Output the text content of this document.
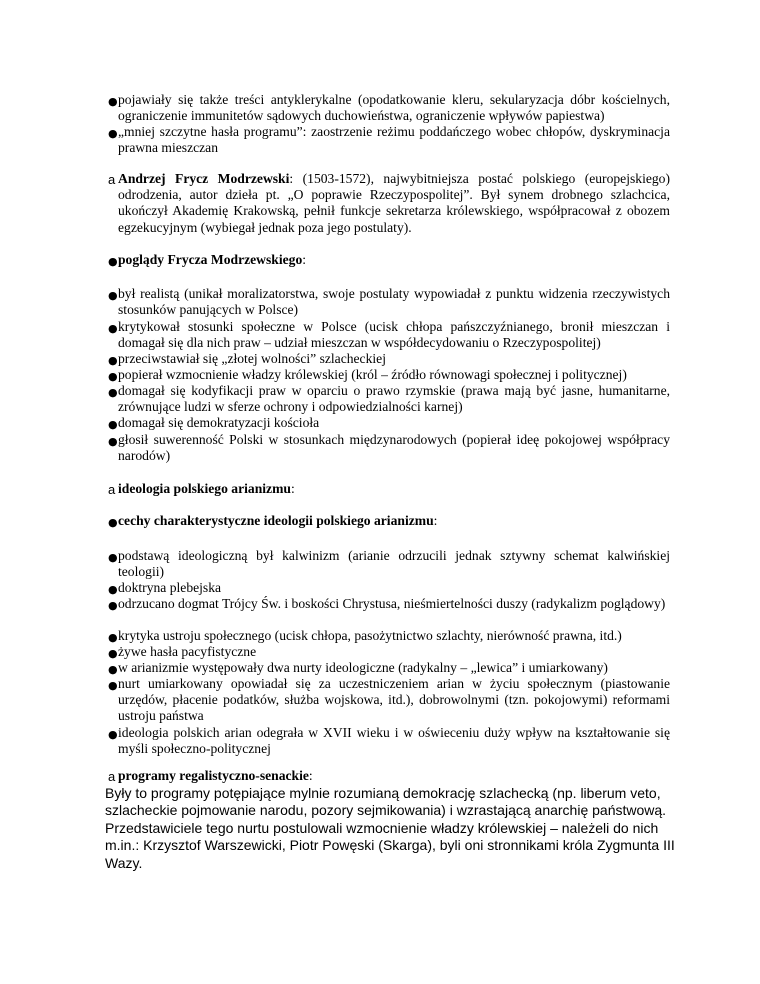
● pojawiały się także treści antyklerykalne (opodatkowanie kleru, sekularyzacja dóbr kościelnych, ograniczenie immunitetów sądowych duchowieństwa, ograniczenie wpływów papiestwa)
● „mniej szczytne hasła programu”: zaostrzenie reżimu poddańczego wobec chłopów, dyskryminacja prawna mieszczan
a Andrzej Frycz Modrzewski: (1503-1572), najwybitniejsza postać polskiego (europejskiego) odrodzenia, autor dzieła pt. „O poprawie Rzeczypospolitej”. Był synem drobnego szlachcica, ukończył Akademię Krakowską, pełnił funkcje sekretarza królewskiego, współpracował z obozem egzekucyjnym (wybiegał jednak poza jego postulaty).
● poglądy Frycza Modrzewskiego:
● był realistą (unikał moralizatorstwa, swoje postulaty wypowiadał z punktu widzenia rzeczywistych stosunków panujących w Polsce)
● krytykował stosunki społeczne w Polsce (ucisk chłopa pańszczyźnianego, bronił mieszczan i domagał się dla nich praw – udział mieszczan w współdecydowaniu o Rzeczypospolitej)
● przeciwstawiał się „złotej wolności” szlacheckiej
● popierał wzmocnienie władzy królewskiej (król – źródło równowagi społecznej i politycznej)
● domagał się kodyfikacji praw w oparciu o prawo rzymskie (prawa mają być jasne, humanitarne, zrównujące ludzi w sferze ochrony i odpowiedzialności karnej)
● domagał się demokratyzacji kościoła
● głosił suwerenność Polski w stosunkach międzynarodowych (popierał ideę pokojowej współpracy narodów)
a ideologia polskiego arianizmu:
● cechy charakterystyczne ideologii polskiego arianizmu:
● podstawą ideologiczną był kalwinizm (arianie odrzucili jednak sztywny schemat kalwińskiej teologii)
● doktryna plebejska
● odrzucano dogmat Trójcy Św. i boskości Chrystusa, nieśmiertelności duszy (radykalizm poglądowy)
● krytyka ustroju społecznego (ucisk chłopa, pasożytnictwo szlachty, nierówność prawna, itd.)
● żywe hasła pacyfistyczne
● w arianizmie występowały dwa nurty ideologiczne (radykalny – „lewica” i umiarkowany)
● nurt umiarkowany opowiadał się za uczestniczeniem arian w życiu społecznym (piastowanie urzędów, płacenie podatków, służba wojskowa, itd.), dobrowolnymi (tzn. pokojowymi) reformami ustroju państwa
● ideologia polskich arian odegrała w XVII wieku i w oświeceniu duży wpływ na kształtowanie się myśli społeczno-politycznej
a programy regalistyczno-senackie:
Były to programy potępiające mylnie rozumianą demokrację szlachecką (np. liberum veto, szlacheckie pojmowanie narodu, pozory sejmikowania) i wzrastającą anarchię państwową. Przedstawiciele tego nurtu postulowali wzmocnienie władzy królewskiej – należeli do nich m.in.: Krzysztof Warszewicki, Piotr Powęski (Skarga), byli oni stronnikami króla Zygmunta III Wazy.
